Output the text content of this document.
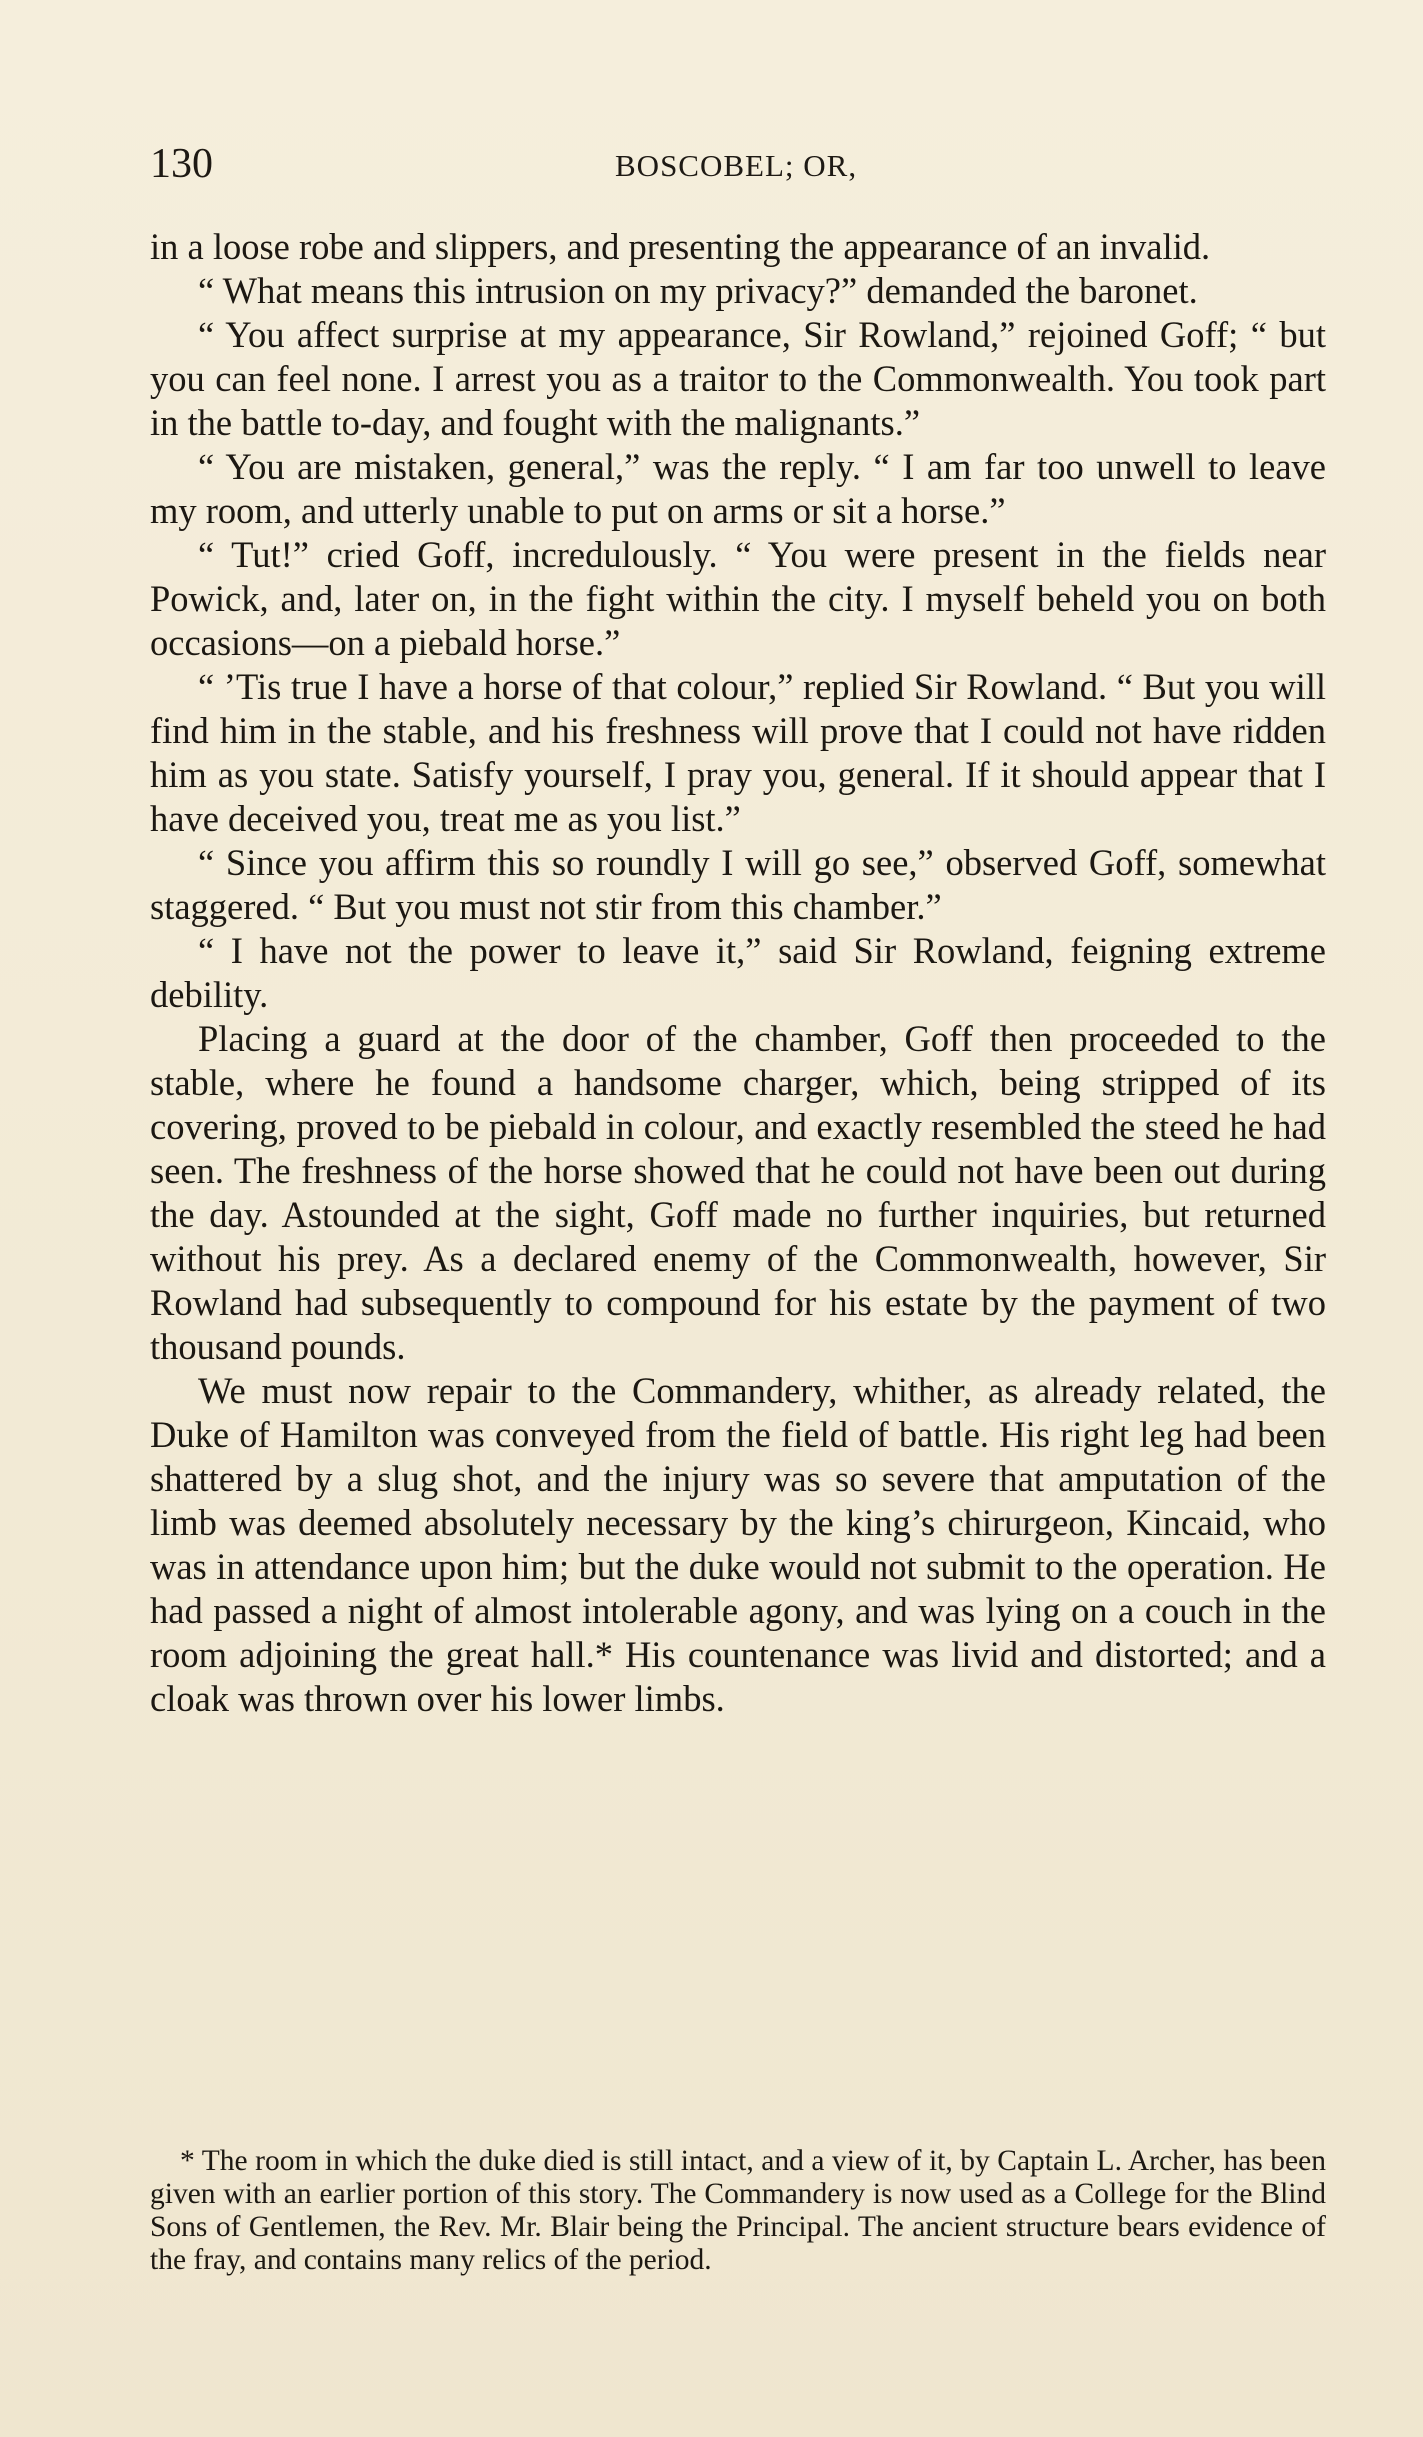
130	BOSCOBEL; OR,

in a loose robe and slippers, and presenting the appearance of an invalid.

“ What means this intrusion on my privacy?” demanded the baronet.

“ You affect surprise at my appearance, Sir Rowland,” rejoined Goff; “ but you can feel none. I arrest you as a traitor to the Commonwealth. You took part in the battle to-day, and fought with the malignants.”

“ You are mistaken, general,” was the reply. “ I am far too unwell to leave my room, and utterly unable to put on arms or sit a horse.”

“ Tut!” cried Goff, incredulously. “ You were present in the fields near Powick, and, later on, in the fight within the city. I myself beheld you on both occasions—on a piebald horse.”

“ ’Tis true I have a horse of that colour,” replied Sir Rowland. “ But you will find him in the stable, and his freshness will prove that I could not have ridden him as you state. Satisfy yourself, I pray you, general. If it should appear that I have deceived you, treat me as you list.”

“ Since you affirm this so roundly I will go see,” observed Goff, somewhat staggered. “ But you must not stir from this chamber.”

“ I have not the power to leave it,” said Sir Rowland, feigning extreme debility.

Placing a guard at the door of the chamber, Goff then proceeded to the stable, where he found a handsome charger, which, being stripped of its covering, proved to be piebald in colour, and exactly resembled the steed he had seen. The freshness of the horse showed that he could not have been out during the day. Astounded at the sight, Goff made no further inquiries, but returned without his prey. As a declared enemy of the Commonwealth, however, Sir Rowland had subsequently to compound for his estate by the payment of two thousand pounds.

We must now repair to the Commandery, whither, as already related, the Duke of Hamilton was conveyed from the field of battle. His right leg had been shattered by a slug shot, and the injury was so severe that amputation of the limb was deemed absolutely necessary by the king’s chirurgeon, Kincaid, who was in attendance upon him; but the duke would not submit to the operation. He had passed a night of almost intolerable agony, and was lying on a couch in the room adjoining the great hall.* His countenance was livid and distorted; and a cloak was thrown over his lower limbs.

* The room in which the duke died is still intact, and a view of it, by Captain L. Archer, has been given with an earlier portion of this story. The Commandery is now used as a College for the Blind Sons of Gentlemen, the Rev. Mr. Blair being the Principal. The ancient structure bears evidence of the fray, and contains many relics of the period.
